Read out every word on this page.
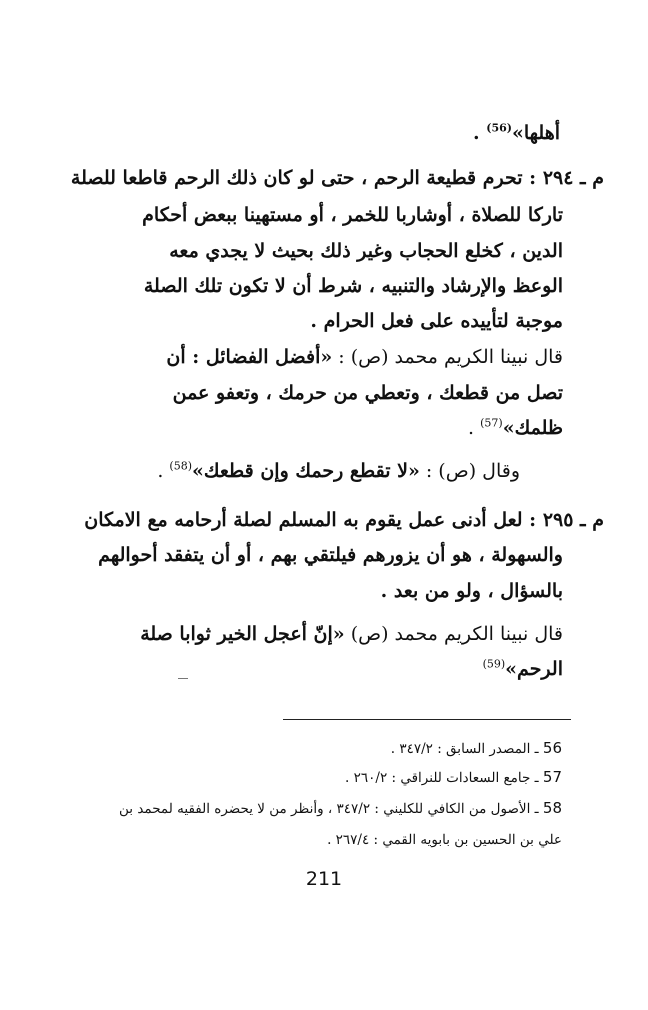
أهلها»$^{(56)}$ .
م ـ ٢٩٤ : تحرم قطيعة الرحم ، حتى لو كان ذلك الرحم قاطعا للصلة
تاركا للصلاة ، أوشاربا للخمر ، أو مستهينا ببعض أحكام
الدين ، كخلع الحجاب وغير ذلك بحيث لا يجدي معه
الوعظ والإرشاد والتنبيه ، شرط أن لا تكون تلك الصلة
موجبة لتأييده على فعل الحرام .
قال نبينا الكريم محمد (ص) : «أفضل الفضائل : أن
تصل من قطعك ، وتعطي من حرمك ، وتعفو عمن
ظلمك»$^{(57)}$ .
وقال (ص) : «لا تقطع رحمك وإن قطعك»$^{(58)}$ .
م ـ ٢٩٥ : لعل أدنى عمل يقوم به المسلم لصلة أرحامه مع الامكان
والسهولة ، هو أن يزورهم فيلتقي بهم ، أو أن يتفقد أحوالهم
بالسؤال ، ولو من بعد .
قال نبينا الكريم محمد (ص) «إنّ أعجل الخير ثوابا صلة
الرحم»$^{(59)}$
56 ـ المصدر السابق : ٣٤٧/٢ .
57 ـ جامع السعادات للنراقي : ٢٦٠/٢ .
58 ـ الأصول من الكافي للكليني : ٣٤٧/٢ ، وأنظر من لا يحضره الفقيه لمحمد بن
علي بن الحسين بن بابويه القمي : ٢٦٧/٤ .
211
